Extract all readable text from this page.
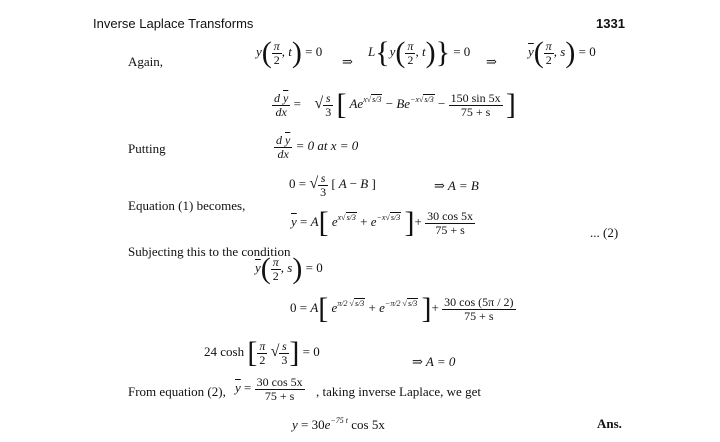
Inverse Laplace Transforms	1331
Again,
$y( \frac{\pi}{2}$ , t) = 0
⇒
$L\{y( \frac{\pi}{2}$ , t)} = 0
⇒
$\overline{y}( \frac{\pi}{2}$ , s) = 0
$\frac{d \overline{y}}{dx}$ =

√ $\frac{s}{3}$ [ $Ae^{x√s/3} - Be^{-x√s/3} - \frac{150 \sin 5x}{75 + s}$ ]
Putting	$\frac{d \overline{y}}{dx} = 0$ at x = 0
0 = √ $\frac{s}{3}$ [ A − B ]	⇒ A = B
Equation (1) becomes,
$\overline{y} = A$[ $e^{x√s/3} + e^{-x√s/3}$ ]+ $\frac{30 \cos 5x}{75 + s}$	... (2)
Subjecting this to the condition
$\overline{y}( \frac{\pi}{2}$ , s) = 0
0 = A[ $e^{\pi/2 √s/3} + e^{-\pi/2 √s/3}$ ]+ $\frac{30 \cos (5\pi / 2)}{75 + s}$
24 cosh [ $\frac{\pi}{2}$ √ $\frac{s}{3}$ ] = 0
⇒ A = 0
From equation (2), $\overline{y} = \frac{30 \cos 5x}{75 + s}$ , taking inverse Laplace, we get
$y = 30e^{-75 t}$ cos 5x	Ans.
